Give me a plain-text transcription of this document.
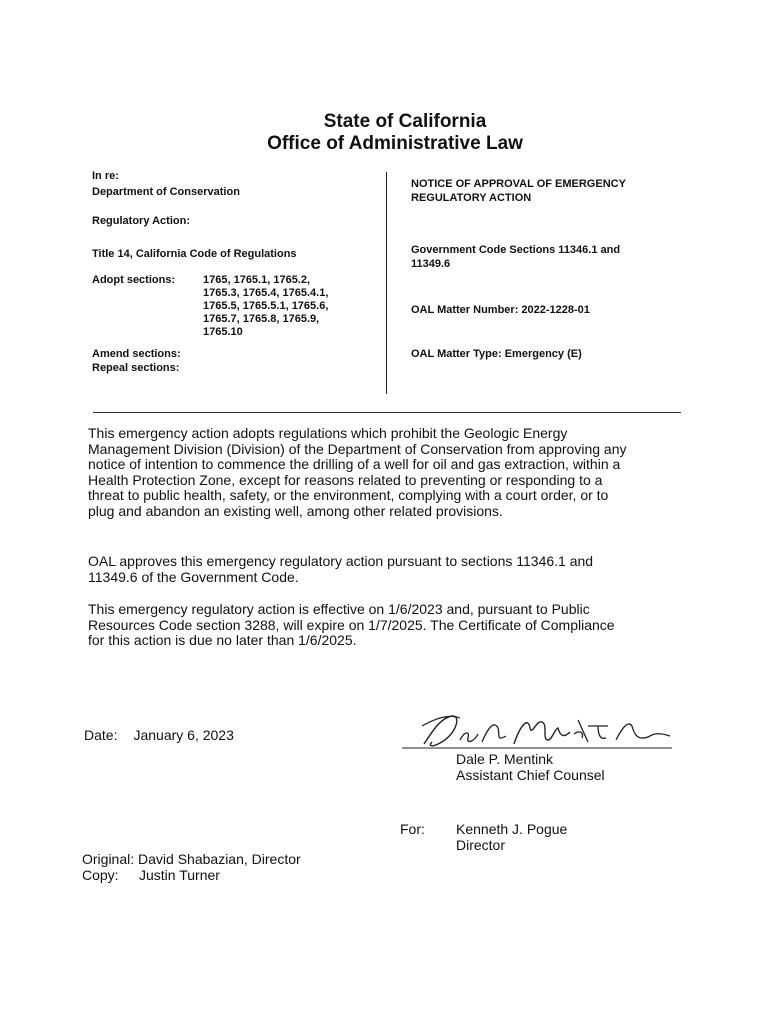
State of California
Office of Administrative Law
In re:
Department of Conservation
Regulatory Action:
Title 14, California Code of Regulations
Adopt sections:	1765, 1765.1, 1765.2,
1765.3, 1765.4, 1765.4.1,
1765.5, 1765.5.1, 1765.6,
1765.7, 1765.8, 1765.9,
1765.10
Amend sections:
Repeal sections:
NOTICE OF APPROVAL OF EMERGENCY
REGULATORY ACTION
Government Code Sections 11346.1 and
11349.6
OAL Matter Number: 2022-1228-01
OAL Matter Type: Emergency (E)
This emergency action adopts regulations which prohibit the Geologic Energy
Management Division (Division) of the Department of Conservation from approving any
notice of intention to commence the drilling of a well for oil and gas extraction, within a
Health Protection Zone, except for reasons related to preventing or responding to a
threat to public health, safety, or the environment, complying with a court order, or to
plug and abandon an existing well, among other related provisions.
OAL approves this emergency regulatory action pursuant to sections 11346.1 and
11349.6 of the Government Code.
This emergency regulatory action is effective on 1/6/2023 and, pursuant to Public
Resources Code section 3288, will expire on 1/7/2025. The Certificate of Compliance
for this action is due no later than 1/6/2025.
Date: January 6, 2023
Dale P. Mentink
Assistant Chief Counsel
For: Kenneth J. Pogue
Director
Original: David Shabazian, Director
Copy: Justin Turner
